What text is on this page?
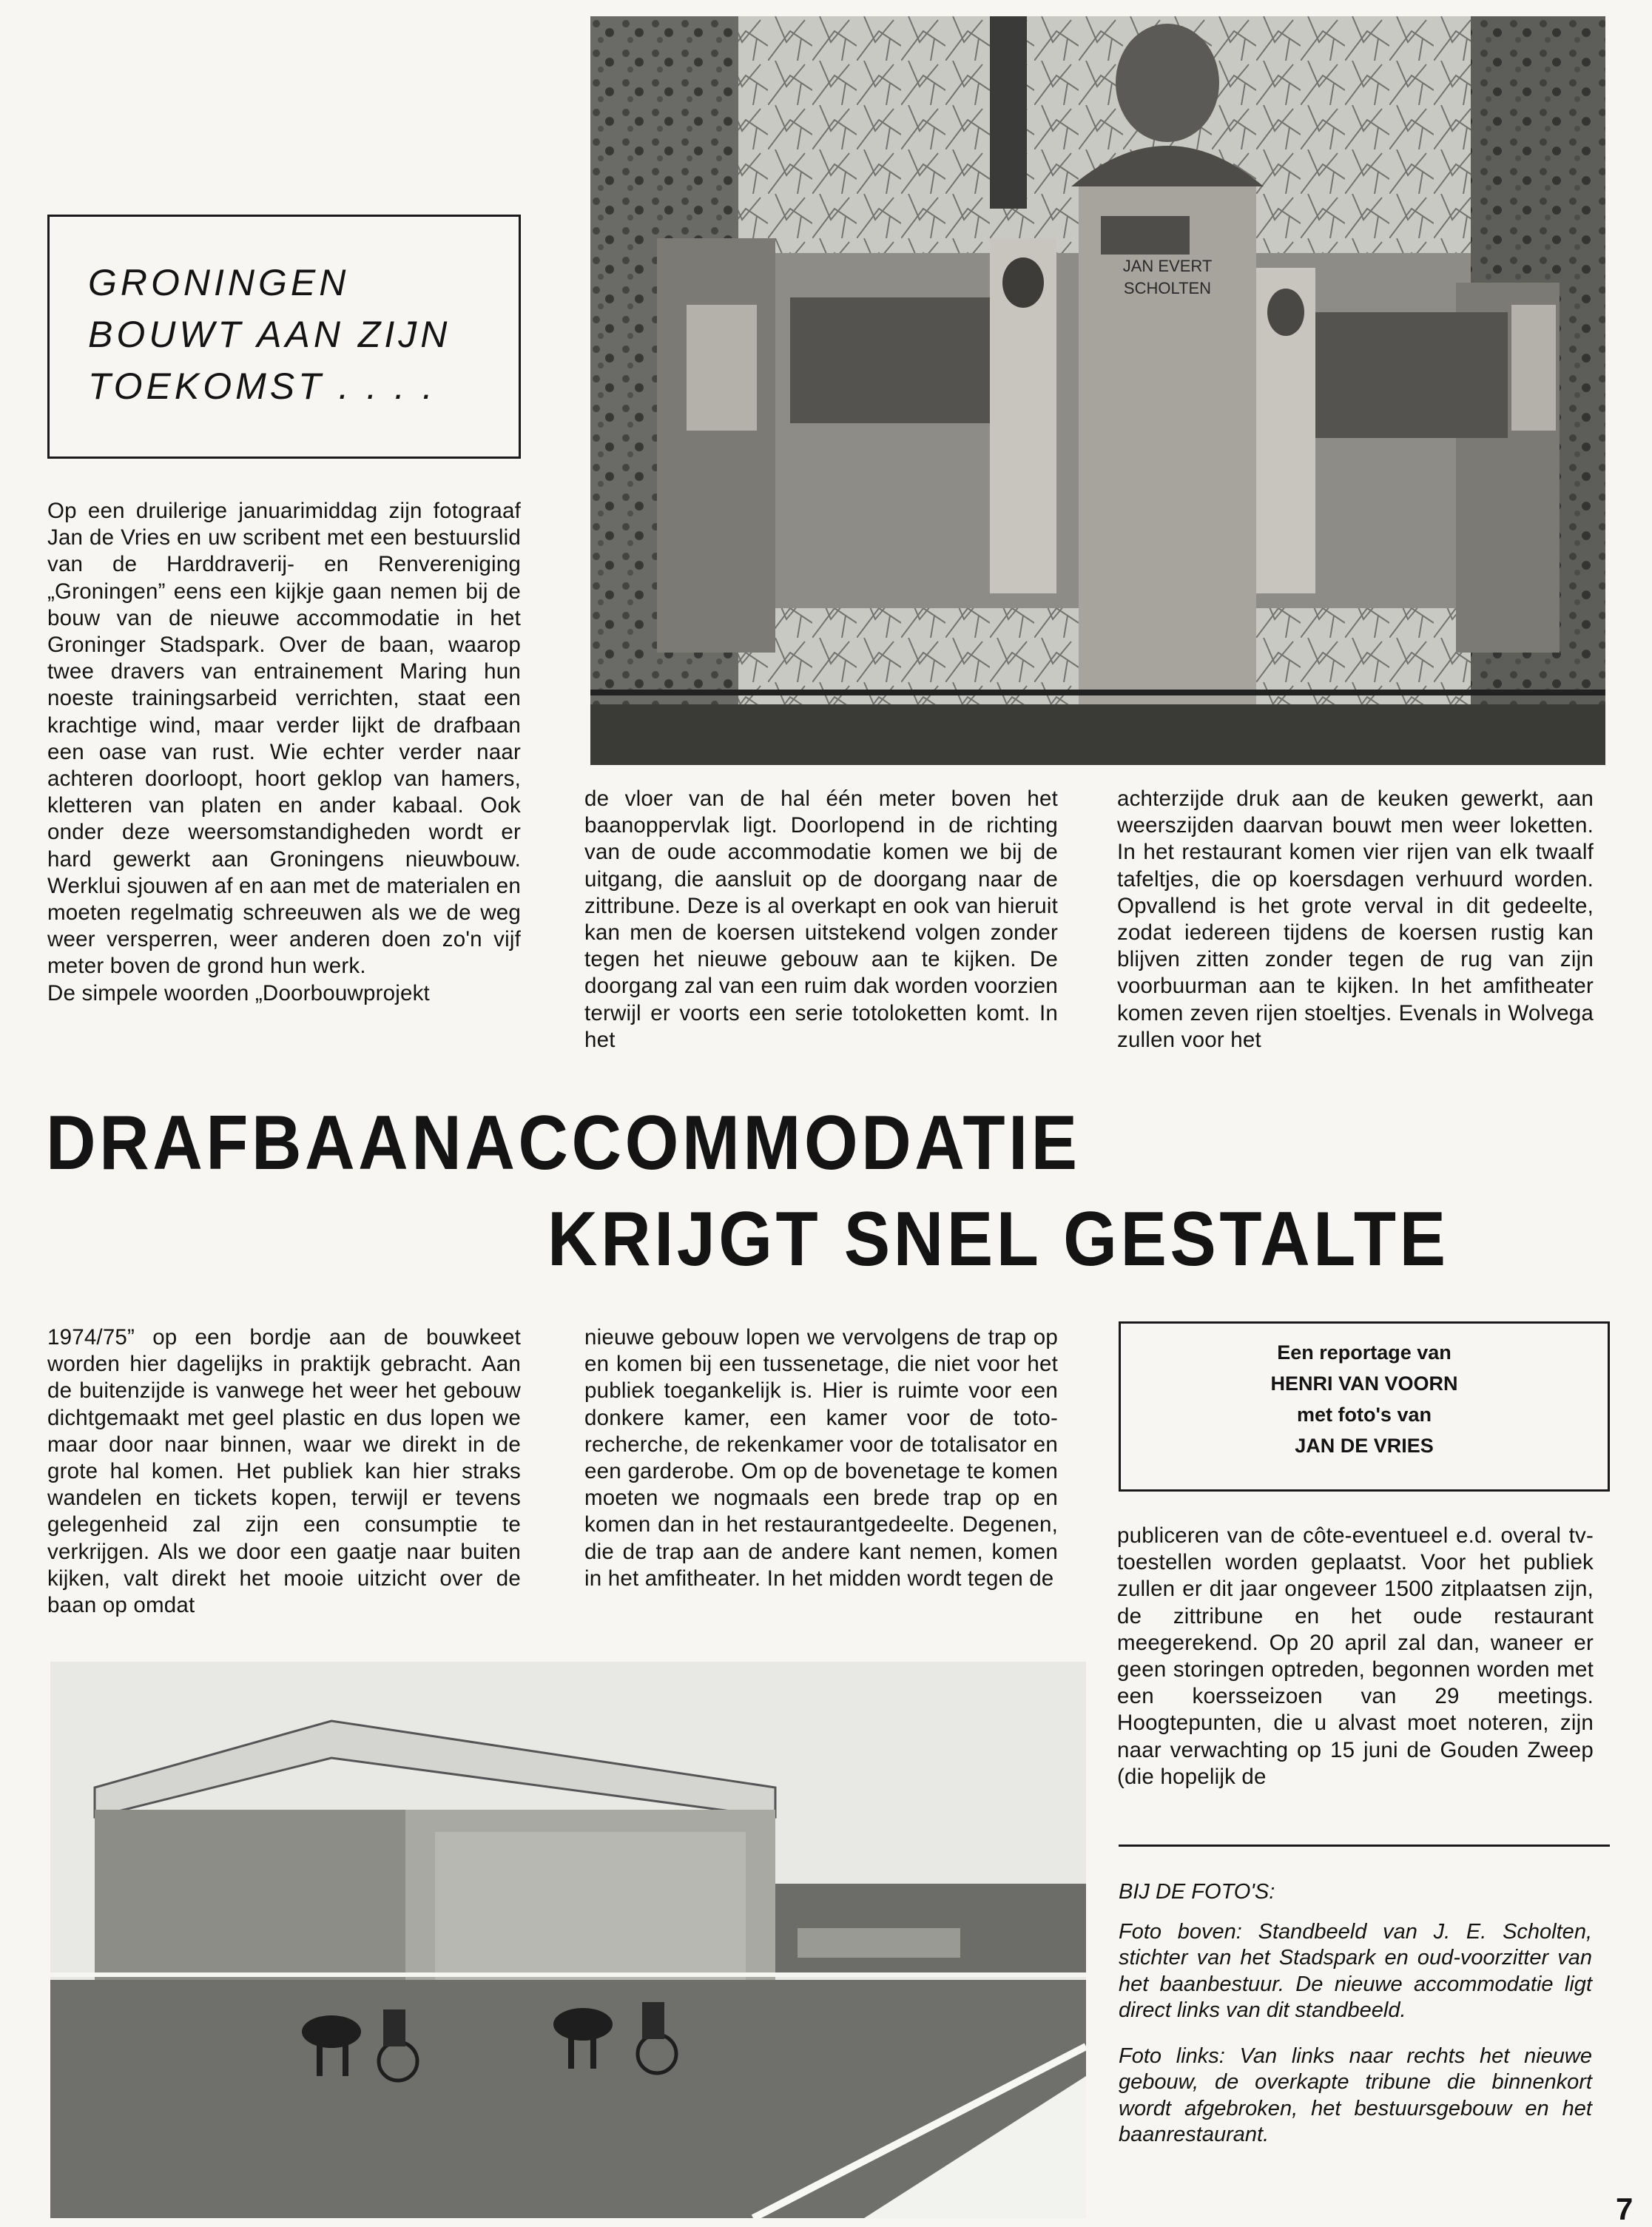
GRONINGEN
BOUWT AAN ZIJN
TOEKOMST . . . .
JAN EVERT
SCHOLTEN

Op een druilerige januarimiddag zijn fotograaf Jan de Vries en uw scribent met een bestuurslid van de Harddraverij- en Renvereniging „Groningen” eens een kijkje gaan nemen bij de bouw van de nieuwe accommodatie in het Groninger Stadspark. Over de baan, waarop twee dravers van entrainement Maring hun noeste trainingsarbeid verrichten, staat een krachtige wind, maar verder lijkt de drafbaan een oase van rust. Wie echter verder naar achteren doorloopt, hoort geklop van hamers, kletteren van platen en ander kabaal. Ook onder deze weersomstandigheden wordt er hard gewerkt aan Groningens nieuwbouw. Werklui sjouwen af en aan met de materialen en moeten regelmatig schreeuwen als we de weg weer versperren, weer anderen doen zo'n vijf meter boven de grond hun werk.

De simpele woorden „Doorbouwprojekt

de vloer van de hal één meter boven het baanoppervlak ligt. Doorlopend in de richting van de oude accommodatie komen we bij de uitgang, die aansluit op de doorgang naar de zittribune. Deze is al overkapt en ook van hieruit kan men de koersen uitstekend volgen zonder tegen het nieuwe gebouw aan te kijken. De doorgang zal van een ruim dak worden voorzien terwijl er voorts een serie totoloketten komt. In het

achterzijde druk aan de keuken gewerkt, aan weerszijden daarvan bouwt men weer loketten. In het restaurant komen vier rijen van elk twaalf tafeltjes, die op koersdagen verhuurd worden. Opvallend is het grote verval in dit gedeelte, zodat iedereen tijdens de koersen rustig kan blijven zitten zonder tegen de rug van zijn voorbuurman aan te kijken. In het amfitheater komen zeven rijen stoeltjes. Evenals in Wolvega zullen voor het

DRAFBAANACCOMMODATIE
KRIJGT SNEL GESTALTE

1974/75” op een bordje aan de bouwkeet worden hier dagelijks in praktijk gebracht. Aan de buitenzijde is vanwege het weer het gebouw dichtgemaakt met geel plastic en dus lopen we maar door naar binnen, waar we direkt in de grote hal komen. Het publiek kan hier straks wandelen en tickets kopen, terwijl er tevens gelegenheid zal zijn een consumptie te verkrijgen. Als we door een gaatje naar buiten kijken, valt direkt het mooie uitzicht over de baan op omdat

nieuwe gebouw lopen we vervolgens de trap op en komen bij een tussenetage, die niet voor het publiek toegankelijk is. Hier is ruimte voor een donkere kamer, een kamer voor de toto-recherche, de rekenkamer voor de totalisator en een garderobe. Om op de bovenetage te komen moeten we nogmaals een brede trap op en komen dan in het restaurantgedeelte. Degenen, die de trap aan de andere kant nemen, komen in het amfitheater. In het midden wordt tegen de

Een reportage van
HENRI VAN VOORN
met foto's van
JAN DE VRIES

publiceren van de côte-eventueel e.d. overal tv-toestellen worden geplaatst. Voor het publiek zullen er dit jaar ongeveer 1500 zitplaatsen zijn, de zittribune en het oude restaurant meegerekend. Op 20 april zal dan, waneer er geen storingen optreden, begonnen worden met een koersseizoen van 29 meetings. Hoogtepunten, die u alvast moet noteren, zijn naar verwachting op 15 juni de Gouden Zweep (die hopelijk de

BIJ DE FOTO'S:

Foto boven: Standbeeld van J. E. Scholten, stichter van het Stadspark en oud-voorzitter van het baanbestuur. De nieuwe accommodatie ligt direct links van dit standbeeld.

Foto links: Van links naar rechts het nieuwe gebouw, de overkapte tribune die binnenkort wordt afgebroken, het bestuursgebouw en het baanrestaurant.

7
